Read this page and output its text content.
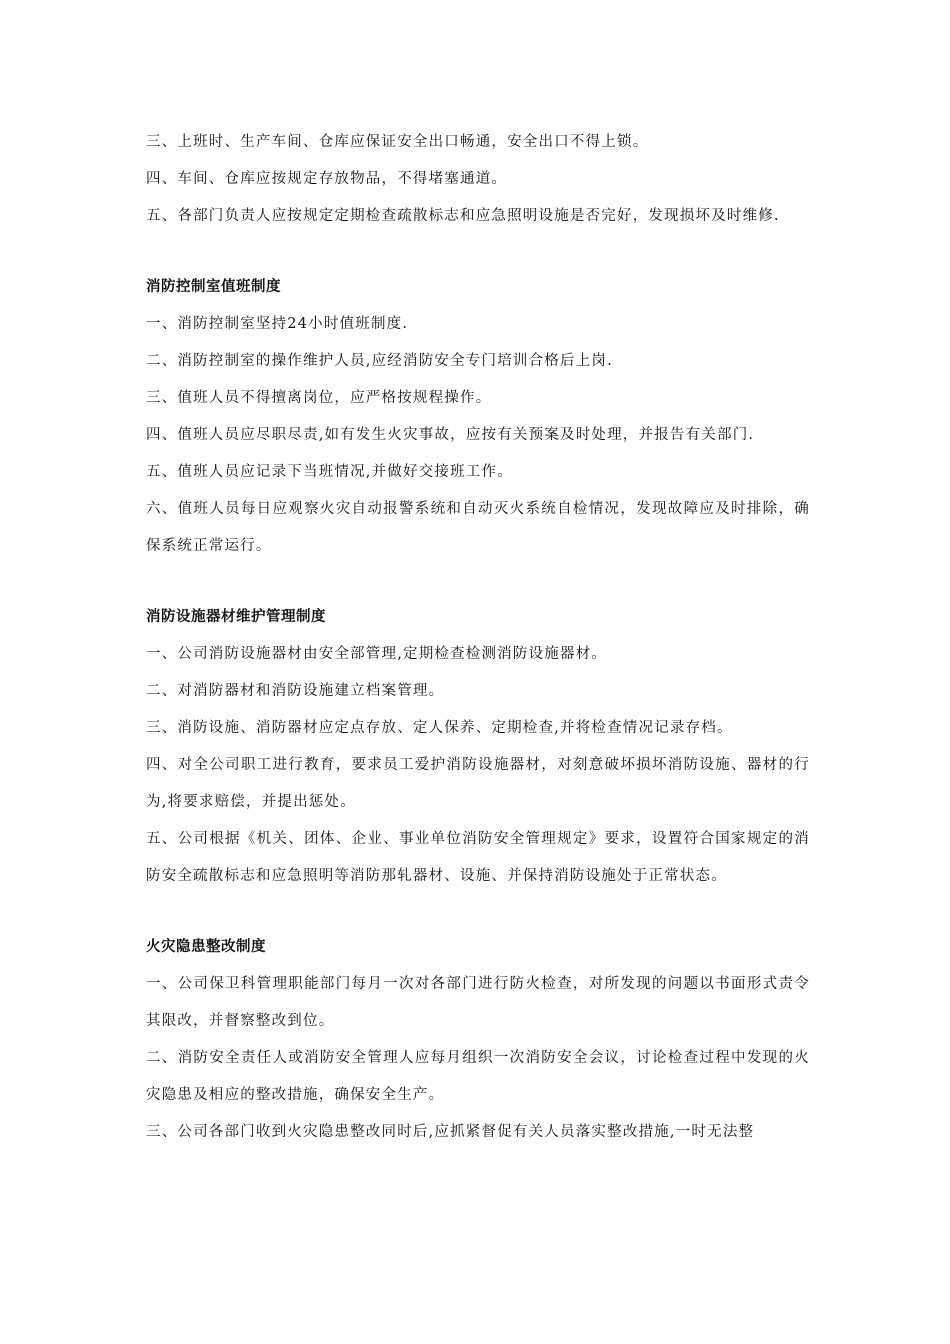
三、上班时、生产车间、仓库应保证安全出口畅通，安全出口不得上锁。

四、车间、仓库应按规定存放物品，不得堵塞通道。

五、各部门负责人应按规定定期检查疏散标志和应急照明设施是否完好，发现损坏及时维修.

消防控制室值班制度

一、消防控制室坚持24小时值班制度.

二、消防控制室的操作维护人员,应经消防安全专门培训合格后上岗.

三、值班人员不得擅离岗位，应严格按规程操作。

四、值班人员应尽职尽责,如有发生火灾事故，应按有关预案及时处理，并报告有关部门.

五、值班人员应记录下当班情况,并做好交接班工作。

六、值班人员每日应观察火灾自动报警系统和自动灭火系统自检情况，发现故障应及时排除，确保系统正常运行。

消防设施器材维护管理制度

一、公司消防设施器材由安全部管理,定期检查检测消防设施器材。

二、对消防器材和消防设施建立档案管理。

三、消防设施、消防器材应定点存放、定人保养、定期检查,并将检查情况记录存档。

四、对全公司职工进行教育，要求员工爱护消防设施器材，对刻意破坏损坏消防设施、器材的行为,将要求赔偿，并提出惩处。

五、公司根据《机关、团体、企业、事业单位消防安全管理规定》要求，设置符合国家规定的消防安全疏散标志和应急照明等消防那轧器材、设施、并保持消防设施处于正常状态。

火灾隐患整改制度

一、公司保卫科管理职能部门每月一次对各部门进行防火检查，对所发现的问题以书面形式责令其限改，并督察整改到位。

二、消防安全责任人或消防安全管理人应每月组织一次消防安全会议，讨论检查过程中发现的火灾隐患及相应的整改措施，确保安全生产。

三、公司各部门收到火灾隐患整改同时后,应抓紧督促有关人员落实整改措施,一时无法整
